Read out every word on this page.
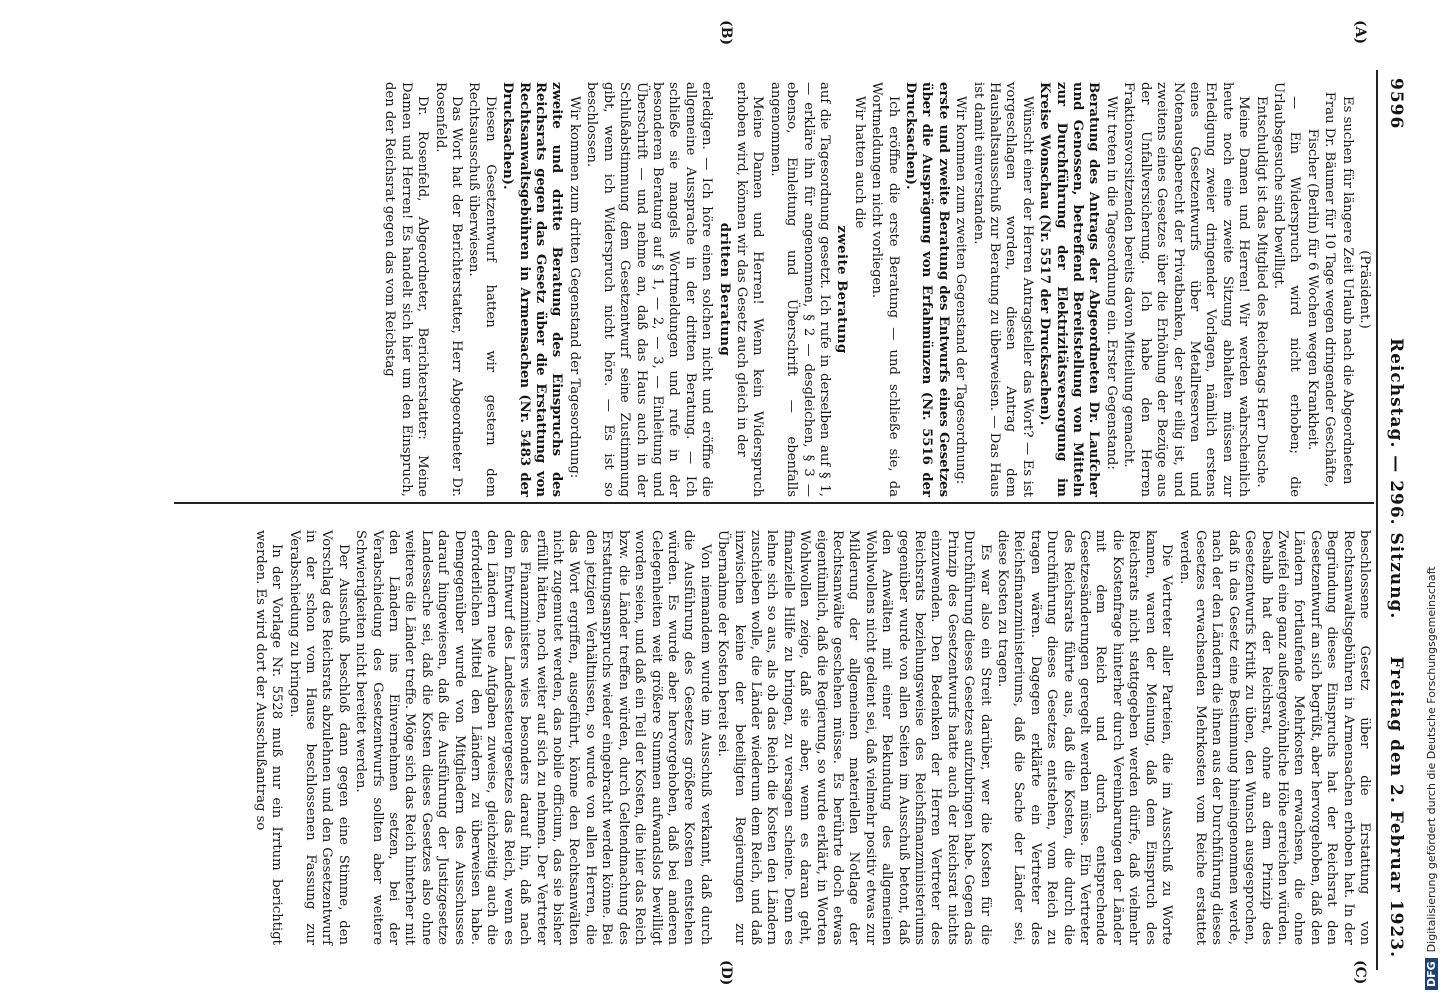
9596
Reichstag. — 296. Sitzung.
Freitag den 2. Februar 1923.
(A)
(B)
(C)
(D)

(Präsident.)

Es suchen für längere Zeit Urlaub nach die Abgeordneten

Frau Dr. Bäumer für 10 Tage wegen dringender Geschäfte,

Fischer (Berlin) für 6 Wochen wegen Krankheit.

— Ein Widerspruch wird nicht erhoben; die Urlaubsgesuche sind bewilligt.

Entschuldigt ist das Mitglied des Reichstags Herr Dusche.

Meine Damen und Herren! Wir werden wahrscheinlich heute noch eine zweite Sitzung abhalten müssen zur Erledigung zweier dringender Vorlagen, nämlich erstens eines Gesetzentwurfs über Metallreserven und Notenausgaberecht der Privatbanken, der sehr eilig ist, und zweitens eines Gesetzes über die Erhöhung der Bezüge aus der Unfallversicherung. Ich habe den Herren Fraktionsvorsitzenden bereits davon Mitteilung gemacht.

Wir treten in die Tagesordnung ein. Erster Gegenstand:

Beratung des Antrags der Abgeordneten Dr. Laufcher und Genossen, betreffend Bereitstellung von Mitteln zur Durchführung der Elektrizitätsversorgung im Kreise Wonschau (Nr. 5517 der Drucksachen).

Wünscht einer der Herren Antragsteller das Wort? — Es ist vorgeschlagen worden, diesen Antrag dem Haushaltsausschuß zur Beratung zu überweisen. — Das Haus ist damit einverstanden.

Wir kommen zum zweiten Gegenstand der Tagesordnung:

erste und zweite Beratung des Entwurfs eines Gesetzes über die Ausprägung von Erfahmünzen (Nr. 5516 der Drucksachen).

Ich eröffne die erste Beratung — und schließe sie, da Wortmeldungen nicht vorliegen.

Wir hatten auch die

zweite Beratung

auf die Tagesordnung gesetzt. Ich rufe in derselben auf § 1, — erkläre ihn für angenommen, § 2 — desgleichen, § 3 — ebenso, Einleitung und Überschrift — ebenfalls angenommen.

Meine Damen und Herren! Wenn kein Widerspruch erhoben wird, können wir das Gesetz auch gleich in der

dritten Beratung

erledigen. — Ich höre einen solchen nicht und eröffne die allgemeine Aussprache in der dritten Beratung. — Ich schließe sie mangels Wortmeldungen und rufe in der besonderen Beratung auf § 1, — 2, — 3, — Einleitung und Überschrift — und nehme an, daß das Haus auch in der Schlußabstimmung dem Gesetzentwurf seine Zustimmung gibt, wenn ich Widerspruch nicht höre. — Es ist so beschlossen.

Wir kommen zum dritten Gegenstand der Tagesordnung:

zweite und dritte Beratung des Einspruchs des Reichsrats gegen das Gesetz über die Erstattung von Rechtsanwaltsgebühren in Armensachen (Nr. 5483 der Drucksachen).

Diesen Gesetzentwurf hatten wir gestern dem Rechtsausschuß überwiesen.

Das Wort hat der Berichterstatter, Herr Abgeordneter Dr. Rosenfeld.

Dr. Rosenfeld, Abgeordneter, Berichterstatter: Meine Damen und Herren! Es handelt sich hier um den Einspruch, den der Reichsrat gegen das vom Reichstag

beschlossene Gesetz über die Erstattung von Rechtsanwaltsgebühren in Armensachen erhoben hat. In der Begründung dieses Einspruchs hat der Reichsrat den Gesetzentwurf an sich begrüßt, aber hervorgehoben, daß den Ländern fortlaufende Mehrkosten erwachsen, die ohne Zweifel eine ganz außergewöhnliche Höhe erreichen würden. Deshalb hat der Reichsrat, ohne an dem Prinzip des Gesetzentwurfs Kritik zu üben, den Wunsch ausgesprochen, daß in das Gesetz eine Bestimmung hineingenommen werde, nach der den Ländern die ihnen aus der Durchführung dieses Gesetzes erwachsenden Mehrkosten vom Reiche erstattet werden.

Die Vertreter aller Parteien, die im Ausschuß zu Worte kamen, waren der Meinung, daß dem Einspruch des Reichsrats nicht stattgegeben werden dürfe, daß vielmehr die Kostenfrage hinterher durch Vereinbarungen der Länder mit dem Reich und durch entsprechende Gesetzesänderungen geregelt werden müsse. Ein Vertreter des Reichsrats führte aus, daß die Kosten, die durch die Durchführung dieses Gesetzes entstehen, vom Reich zu tragen wären. Dagegen erklärte ein Vertreter des Reichsfinanzministeriums, daß die Sache der Länder sei, diese Kosten zu tragen.

Es war also ein Streit darüber, wer die Kosten für die Durchführung dieses Gesetzes aufzubringen habe. Gegen das Prinzip des Gesetzentwurfs hatte auch der Reichsrat nichts einzuwenden. Den Bedenken der Herren Vertreter des Reichsrats beziehungsweise des Reichsfinanzministeriums gegenüber wurde von allen Seiten im Ausschuß betont, daß den Anwälten mit einer Bekundung des allgemeinen Wohlwollens nicht gedient sei, daß vielmehr positiv etwas zur Milderung der allgemeinen materiellen Notlage der Rechtsanwälte geschehen müsse. Es berührte doch etwas eigentümlich, daß die Regierung, so wurde erklärt, in Worten Wohlwollen zeige, daß sie aber, wenn es daran geht, finanzielle Hilfe zu bringen, zu versagen scheine. Denn es lehne sich so aus, als ob das Reich die Kosten den Ländern zuschieben wolle, die Länder wiederum dem Reich, und daß inzwischen keine der beteiligten Regierungen zur Übernahme der Kosten bereit sei.

Von niemandem wurde im Ausschuß verkannt, daß durch die Ausführung des Gesetzes größere Kosten entstehen würden. Es wurde aber hervorgehoben, daß bei anderen Gelegenheiten weit größere Summen aufwandslos bewilligt worden seien, und daß ein Teil der Kosten, die hier das Reich bzw. die Länder treffen würden, durch Geltendmachung des Erstattungsanspruchs wieder eingebracht werden könne. Bei den jetzigen Verhältnissen, so wurde von allen Herren, die das Wort ergriffen, ausgeführt, könne den Rechtsanwälten nicht zugemutet werden, das nobile officium, das sie bisher erfüllt hätten, noch weiter auf sich zu nehmen. Der Vertreter des Finanzministers wies besonders darauf hin, daß nach dem Entwurf des Landessteuergesetzes das Reich, wenn es den Ländern neue Aufgaben zuweise, gleichzeitig auch die erforderlichen Mittel den Ländern zu überweisen habe. Demgegenüber wurde von Mitgliedern des Ausschusses darauf hingewiesen, daß die Ausführung der Justizgesetze Landessache sei, daß die Kosten dieses Gesetzes also ohne weiteres die Länder treffe. Möge sich das Reich hinterher mit den Ländern ins Einvernehmen setzen, bei der Verabschiedung des Gesetzentwurfs sollten aber weitere Schwierigkeiten nicht bereitet werden.

Der Ausschuß beschloß dann gegen eine Stimme, den Vorschlag des Reichsrats abzulehnen und den Gesetzentwurf in der schon vom Hause beschlossenen Fassung zur Verabschiedung zu bringen.

In der Vorlage Nr. 5528 muß nur ein Irrtum berichtigt werden. Es wird dort der Ausschußantrag so

DFGDigitalisierung gefördert durch die Deutsche Forschungsgemeinschaft
